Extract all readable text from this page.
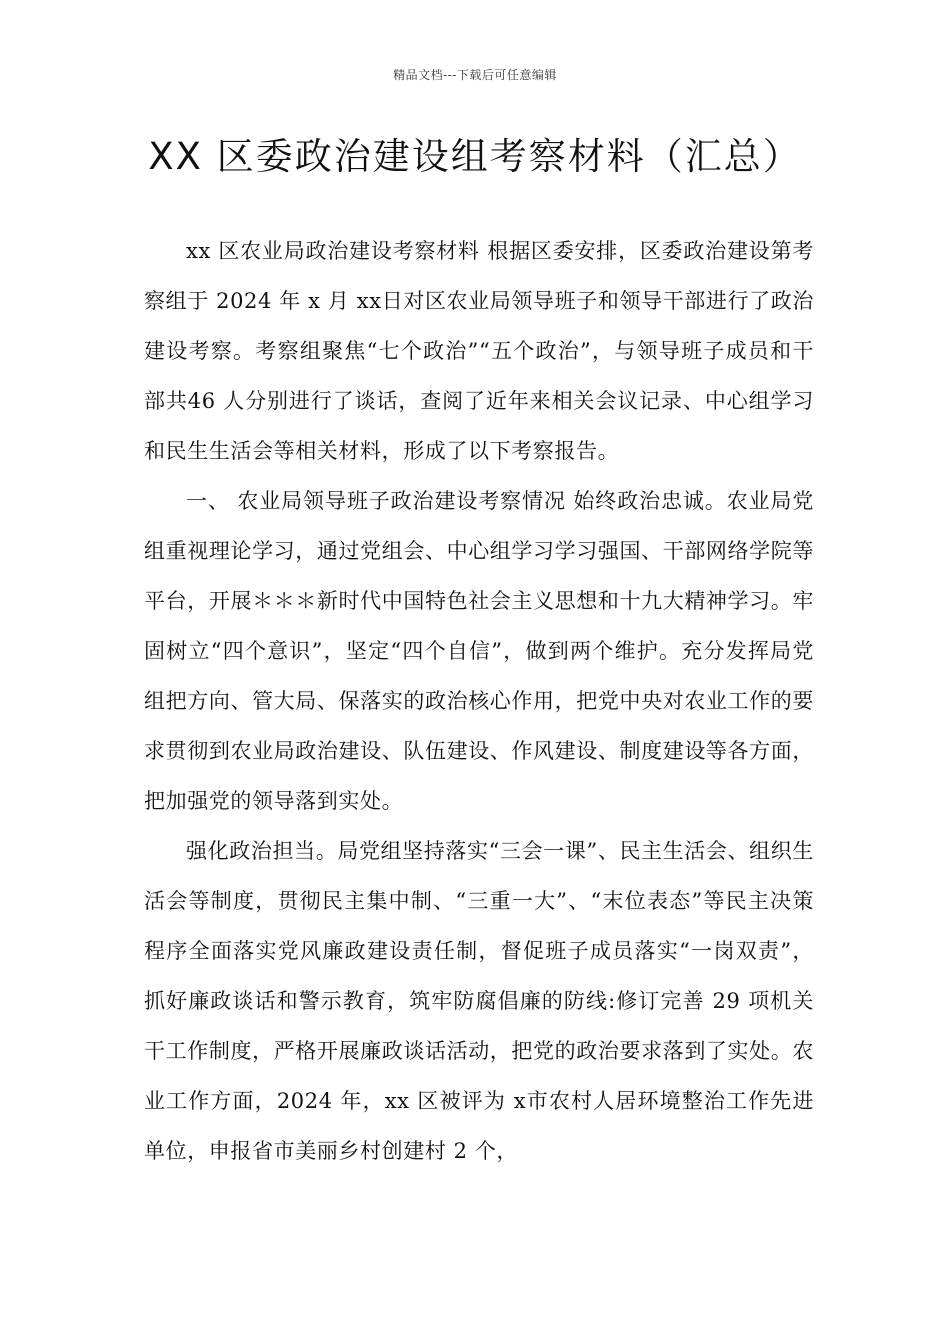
精品文档---下载后可任意编辑
XX 区委政治建设组考察材料（汇总）

xx 区农业局政治建设考察材料 根据区委安排，区委政治建设第考察组于 2024 年 x 月 xx日对区农业局领导班子和领导干部进行了政治建设考察。考察组聚焦“七个政治”“五个政治”，与领导班子成员和干部共46 人分别进行了谈话，查阅了近年来相关会议记录、中心组学习和民生生活会等相关材料，形成了以下考察报告。

一、 农业局领导班子政治建设考察情况 始终政治忠诚。农业局党组重视理论学习，通过党组会、中心组学习学习强国、干部网络学院等平台，开展＊＊＊新时代中国特色社会主义思想和十九大精神学习。牢固树立“四个意识”，坚定“四个自信”，做到两个维护。充分发挥局党组把方向、管大局、保落实的政治核心作用，把党中央对农业工作的要求贯彻到农业局政治建设、队伍建设、作风建设、制度建设等各方面，把加强党的领导落到实处。

强化政治担当。局党组坚持落实“三会一课”、民主生活会、组织生活会等制度，贯彻民主集中制、“三重一大”、“末位表态”等民主决策程序全面落实党风廉政建设责任制，督促班子成员落实“一岗双责”，抓好廉政谈话和警示教育，筑牢防腐倡廉的防线:修订完善 29 项机关干工作制度，严格开展廉政谈话活动，把党的政治要求落到了实处。农业工作方面，2024 年，xx 区被评为 x市农村人居环境整治工作先进单位，申报省市美丽乡村创建村 2 个，
